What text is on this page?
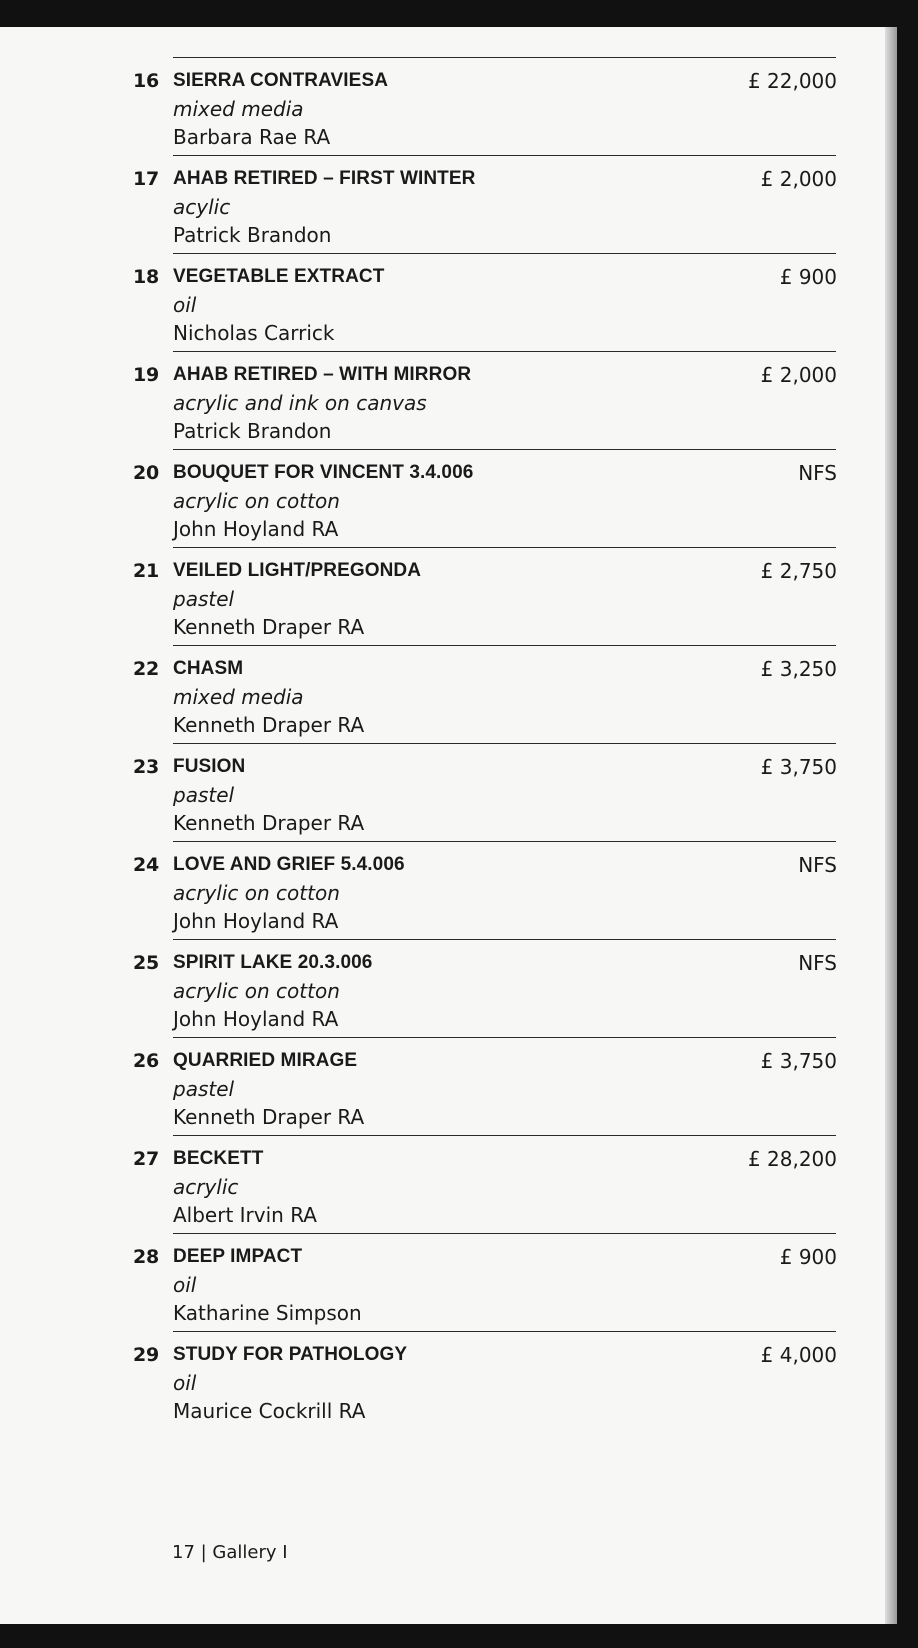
16 SIERRA CONTRAVIESA
mixed media
Barbara Rae RA
£ 22,000
17 AHAB RETIRED – FIRST WINTER
acylic
Patrick Brandon
£ 2,000
18 VEGETABLE EXTRACT
oil
Nicholas Carrick
£ 900
19 AHAB RETIRED – WITH MIRROR
acrylic and ink on canvas
Patrick Brandon
£ 2,000
20 BOUQUET FOR VINCENT 3.4.006
acrylic on cotton
John Hoyland RA
NFS
21 VEILED LIGHT/PREGONDA
pastel
Kenneth Draper RA
£ 2,750
22 CHASM
mixed media
Kenneth Draper RA
£ 3,250
23 FUSION
pastel
Kenneth Draper RA
£ 3,750
24 LOVE AND GRIEF 5.4.006
acrylic on cotton
John Hoyland RA
NFS
25 SPIRIT LAKE 20.3.006
acrylic on cotton
John Hoyland RA
NFS
26 QUARRIED MIRAGE
pastel
Kenneth Draper RA
£ 3,750
27 BECKETT
acrylic
Albert Irvin RA
£ 28,200
28 DEEP IMPACT
oil
Katharine Simpson
£ 900
29 STUDY FOR PATHOLOGY
oil
Maurice Cockrill RA
£ 4,000
17 | Gallery I
